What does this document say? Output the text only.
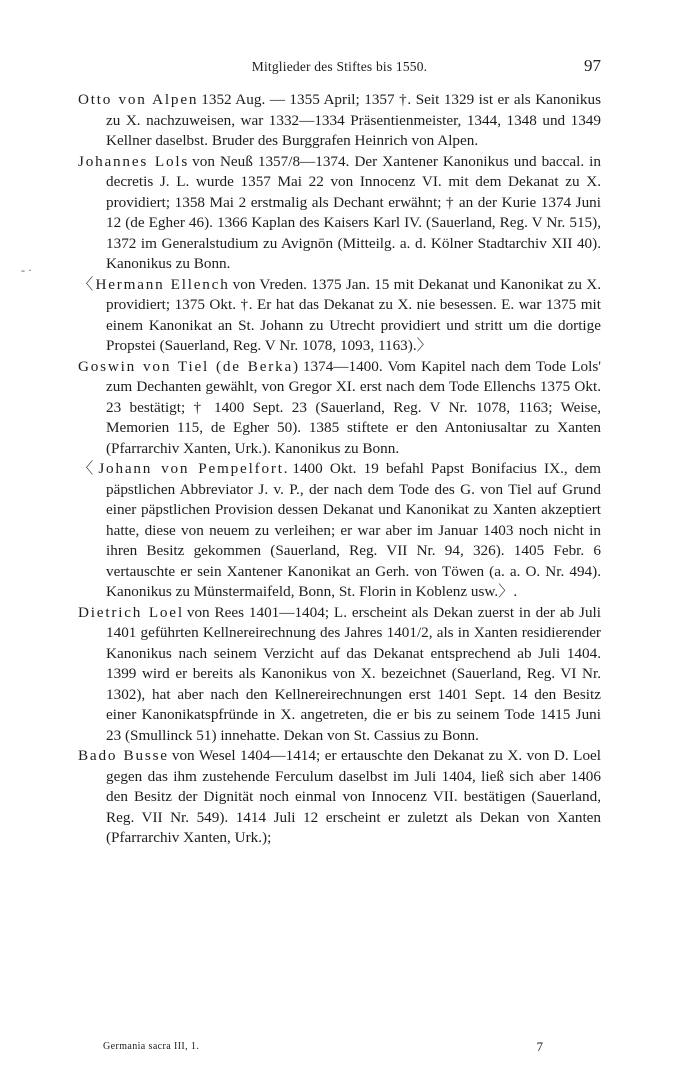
Mitglieder des Stiftes bis 1550.	97
- ·

Otto von Alpen 1352 Aug. — 1355 April; 1357 †. Seit 1329 ist er als Kanonikus zu X. nachzuweisen, war 1332—1334 Präsentienmeister, 1344, 1348 und 1349 Kellner daselbst. Bruder des Burggrafen Heinrich von Alpen.

Johannes Lols von Neuß 1357/8—1374. Der Xantener Kanonikus und baccal. in decretis J. L. wurde 1357 Mai 22 von Innocenz VI. mit dem Dekanat zu X. providiert; 1358 Mai 2 erstmalig als Dechant erwähnt; † an der Kurie 1374 Juni 12 (de Egher 46). 1366 Kaplan des Kaisers Karl IV. (Sauerland, Reg. V Nr. 515), 1372 im Generalstudium zu Avignōn (Mitteilg. a. d. Kölner Stadtarchiv XII 40). Kanonikus zu Bonn.

〈Hermann Ellench von Vreden. 1375 Jan. 15 mit Dekanat und Kanonikat zu X. providiert; 1375 Okt. †. Er hat das Dekanat zu X. nie besessen. E. war 1375 mit einem Kanonikat an St. Johann zu Utrecht providiert und stritt um die dortige Propstei (Sauerland, Reg. V Nr. 1078, 1093, 1163).〉

Goswin von Tiel (de Berka) 1374—1400. Vom Kapitel nach dem Tode Lols' zum Dechanten gewählt, von Gregor XI. erst nach dem Tode Ellenchs 1375 Okt. 23 bestätigt; † 1400 Sept. 23 (Sauerland, Reg. V Nr. 1078, 1163; Weise, Memorien 115, de Egher 50). 1385 stiftete er den Antoniusaltar zu Xanten (Pfarrarchiv Xanten, Urk.). Kanonikus zu Bonn.

〈Johann von Pempelfort. 1400 Okt. 19 befahl Papst Bonifacius IX., dem päpstlichen Abbreviator J. v. P., der nach dem Tode des G. von Tiel auf Grund einer päpstlichen Provision dessen Dekanat und Kanonikat zu Xanten akzeptiert hatte, diese von neuem zu verleihen; er war aber im Januar 1403 noch nicht in ihren Besitz gekommen (Sauerland, Reg. VII Nr. 94, 326). 1405 Febr. 6 vertauschte er sein Xantener Kanonikat an Gerh. von Töwen (a. a. O. Nr. 494). Kanonikus zu Münstermaifeld, Bonn, St. Florin in Koblenz usw.〉.

Dietrich Loel von Rees 1401—1404; L. erscheint als Dekan zuerst in der ab Juli 1401 geführten Kellnereirechnung des Jahres 1401/2, als in Xanten residierender Kanonikus nach seinem Verzicht auf das Dekanat entsprechend ab Juli 1404. 1399 wird er bereits als Kanonikus von X. bezeichnet (Sauerland, Reg. VI Nr. 1302), hat aber nach den Kellnereirechnungen erst 1401 Sept. 14 den Besitz einer Kanonikatspfründe in X. angetreten, die er bis zu seinem Tode 1415 Juni 23 (Smullinck 51) innehatte. Dekan von St. Cassius zu Bonn.

Bado Busse von Wesel 1404—1414; er ertauschte den Dekanat zu X. von D. Loel gegen das ihm zustehende Ferculum daselbst im Juli 1404, ließ sich aber 1406 den Besitz der Dignität noch einmal von Innocenz VII. bestätigen (Sauerland, Reg. VII Nr. 549). 1414 Juli 12 erscheint er zuletzt als Dekan von Xanten (Pfarrarchiv Xanten, Urk.);

Germania sacra III, 1.	7
